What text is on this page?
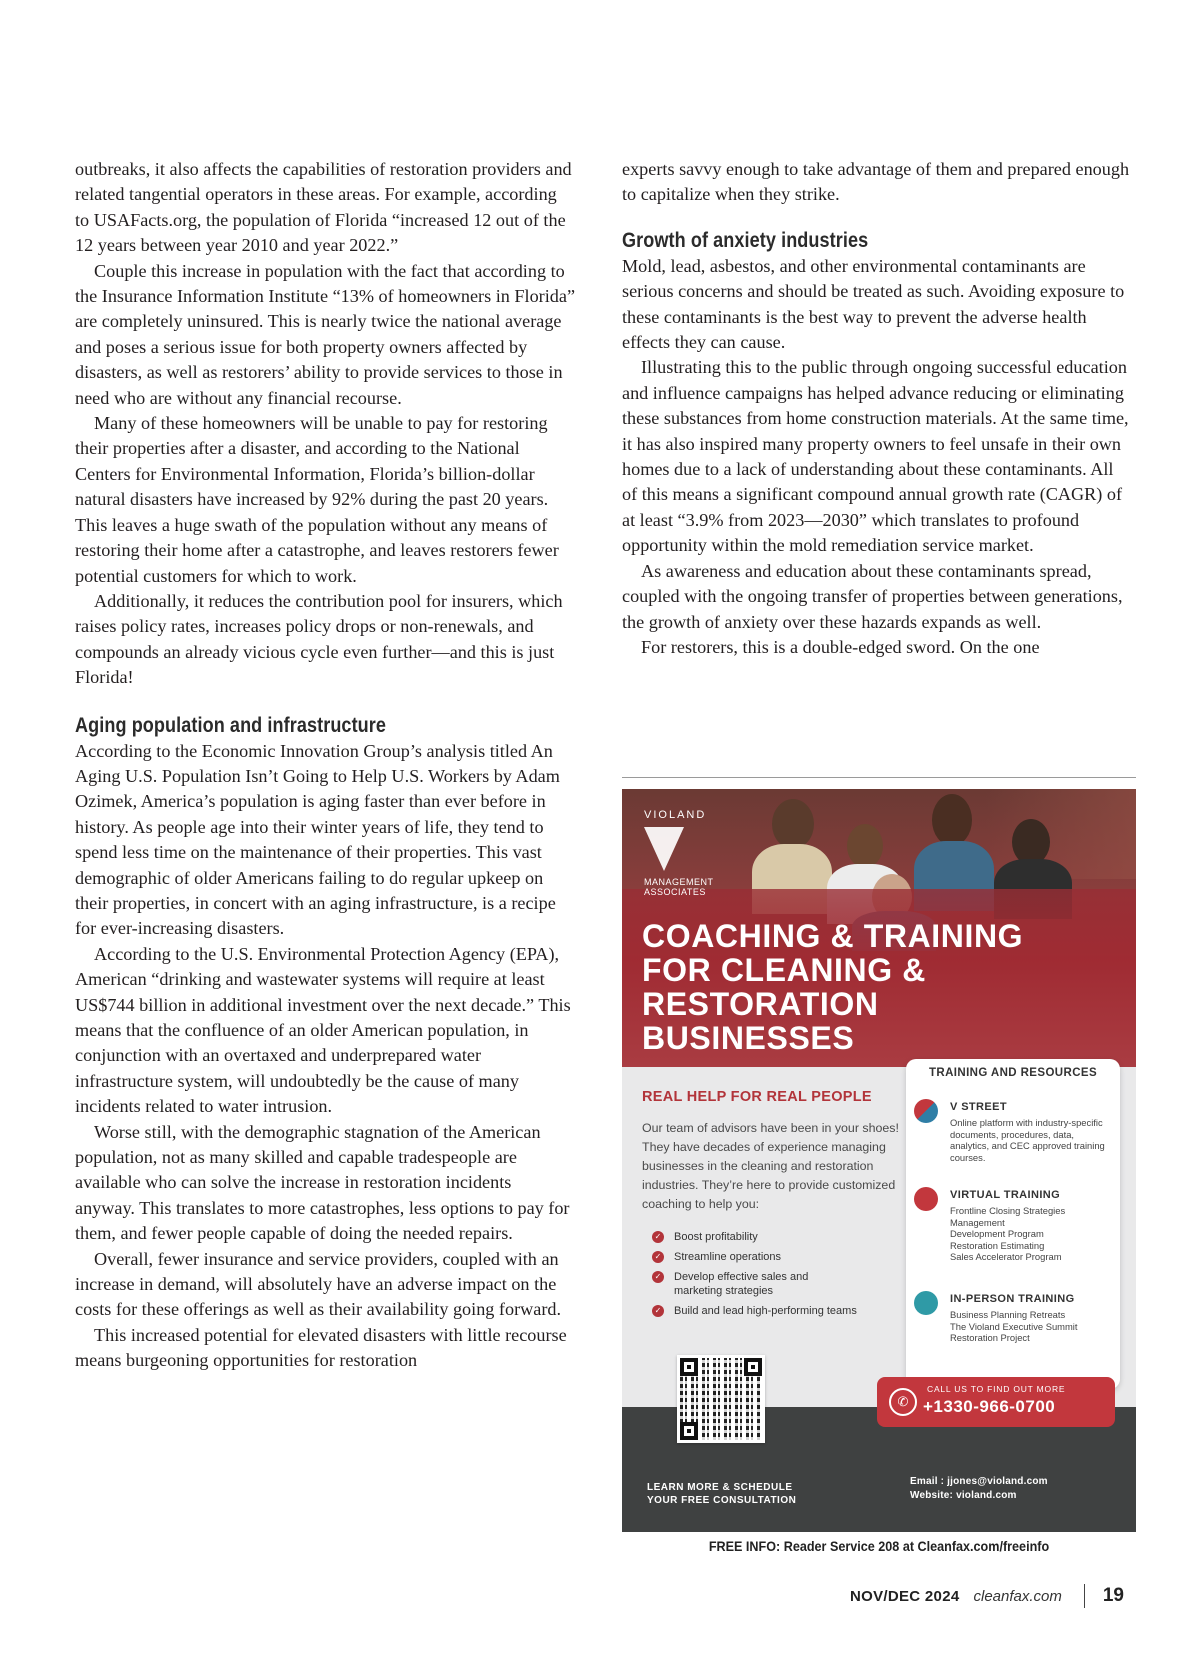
outbreaks, it also affects the capabilities of restoration providers and related tangential operators in these areas. For example, according to USAFacts.org, the population of Florida “increased 12 out of the 12 years between year 2010 and year 2022.”

Couple this increase in population with the fact that according to the Insurance Information Institute “13% of homeowners in Florida” are completely uninsured. This is nearly twice the national average and poses a serious issue for both property owners affected by disasters, as well as restorers’ ability to provide services to those in need who are without any financial recourse.

Many of these homeowners will be unable to pay for restoring their properties after a disaster, and according to the National Centers for Environmental Information, Florida’s billion-dollar natural disasters have increased by 92% during the past 20 years. This leaves a huge swath of the population without any means of restoring their home after a catastrophe, and leaves restorers fewer potential customers for which to work.

Additionally, it reduces the contribution pool for insurers, which raises policy rates, increases policy drops or non-renewals, and compounds an already vicious cycle even further—and this is just Florida!

Aging population and infrastructure

According to the Economic Innovation Group’s analysis titled An Aging U.S. Population Isn’t Going to Help U.S. Workers by Adam Ozimek, America’s population is aging faster than ever before in history. As people age into their winter years of life, they tend to spend less time on the maintenance of their properties. This vast demographic of older Americans failing to do regular upkeep on their properties, in concert with an aging infrastructure, is a recipe for ever-increasing disasters.

According to the U.S. Environmental Protection Agency (EPA), American “drinking and wastewater systems will require at least US$744 billion in additional investment over the next decade.” This means that the confluence of an older American population, in conjunction with an overtaxed and underprepared water infrastructure system, will undoubtedly be the cause of many incidents related to water intrusion.

Worse still, with the demographic stagnation of the American population, not as many skilled and capable tradespeople are available who can solve the increase in restoration incidents anyway. This translates to more catastrophes, less options to pay for them, and fewer people capable of doing the needed repairs.

Overall, fewer insurance and service providers, coupled with an increase in demand, will absolutely have an adverse impact on the costs for these offerings as well as their availability going forward.

This increased potential for elevated disasters with little recourse means burgeoning opportunities for restoration

experts savvy enough to take advantage of them and prepared enough to capitalize when they strike.

Growth of anxiety industries

Mold, lead, asbestos, and other environmental contaminants are serious concerns and should be treated as such. Avoiding exposure to these contaminants is the best way to prevent the adverse health effects they can cause.

Illustrating this to the public through ongoing successful education and influence campaigns has helped advance reducing or eliminating these substances from home construction materials. At the same time, it has also inspired many property owners to feel unsafe in their own homes due to a lack of understanding about these contaminants. All of this means a significant compound annual growth rate (CAGR) of at least “3.9% from 2023—2030” which translates to profound opportunity within the mold remediation service market.

As awareness and education about these contaminants spread, coupled with the ongoing transfer of properties between generations, the growth of anxiety over these hazards expands as well.

For restorers, this is a double-edged sword. On the one

VIOLAND
MANAGEMENT
ASSOCIATES
COACHING & TRAINING
FOR CLEANING &
RESTORATION
BUSINESSES
REAL HELP FOR REAL PEOPLE
Our team of advisors have been in your shoes! They have decades of experience managing businesses in the cleaning and restoration industries. They’re here to provide customized coaching to help you:
✓ Boost profitability
✓ Streamline operations
✓ Develop effective sales and marketing strategies
✓ Build and lead high-performing teams
TRAINING AND RESOURCES
V STREET
Online platform with industry-specific documents, procedures, data, analytics, and CEC approved training courses.
VIRTUAL TRAINING
Frontline Closing Strategies
Management Development Program
Restoration Estimating
Sales Accelerator Program
IN-PERSON TRAINING
Business Planning Retreats
The Violand Executive Summit
Restoration Project
LEARN MORE & SCHEDULE
YOUR FREE CONSULTATION
✆
CALL US TO FIND OUT MORE
+1330-966-0700
Email : jjones@violand.com
Website: violand.com
FREE INFO: Reader Service 208 at Cleanfax.com/freeinfo
NOV/DEC 2024 cleanfax.com 19
